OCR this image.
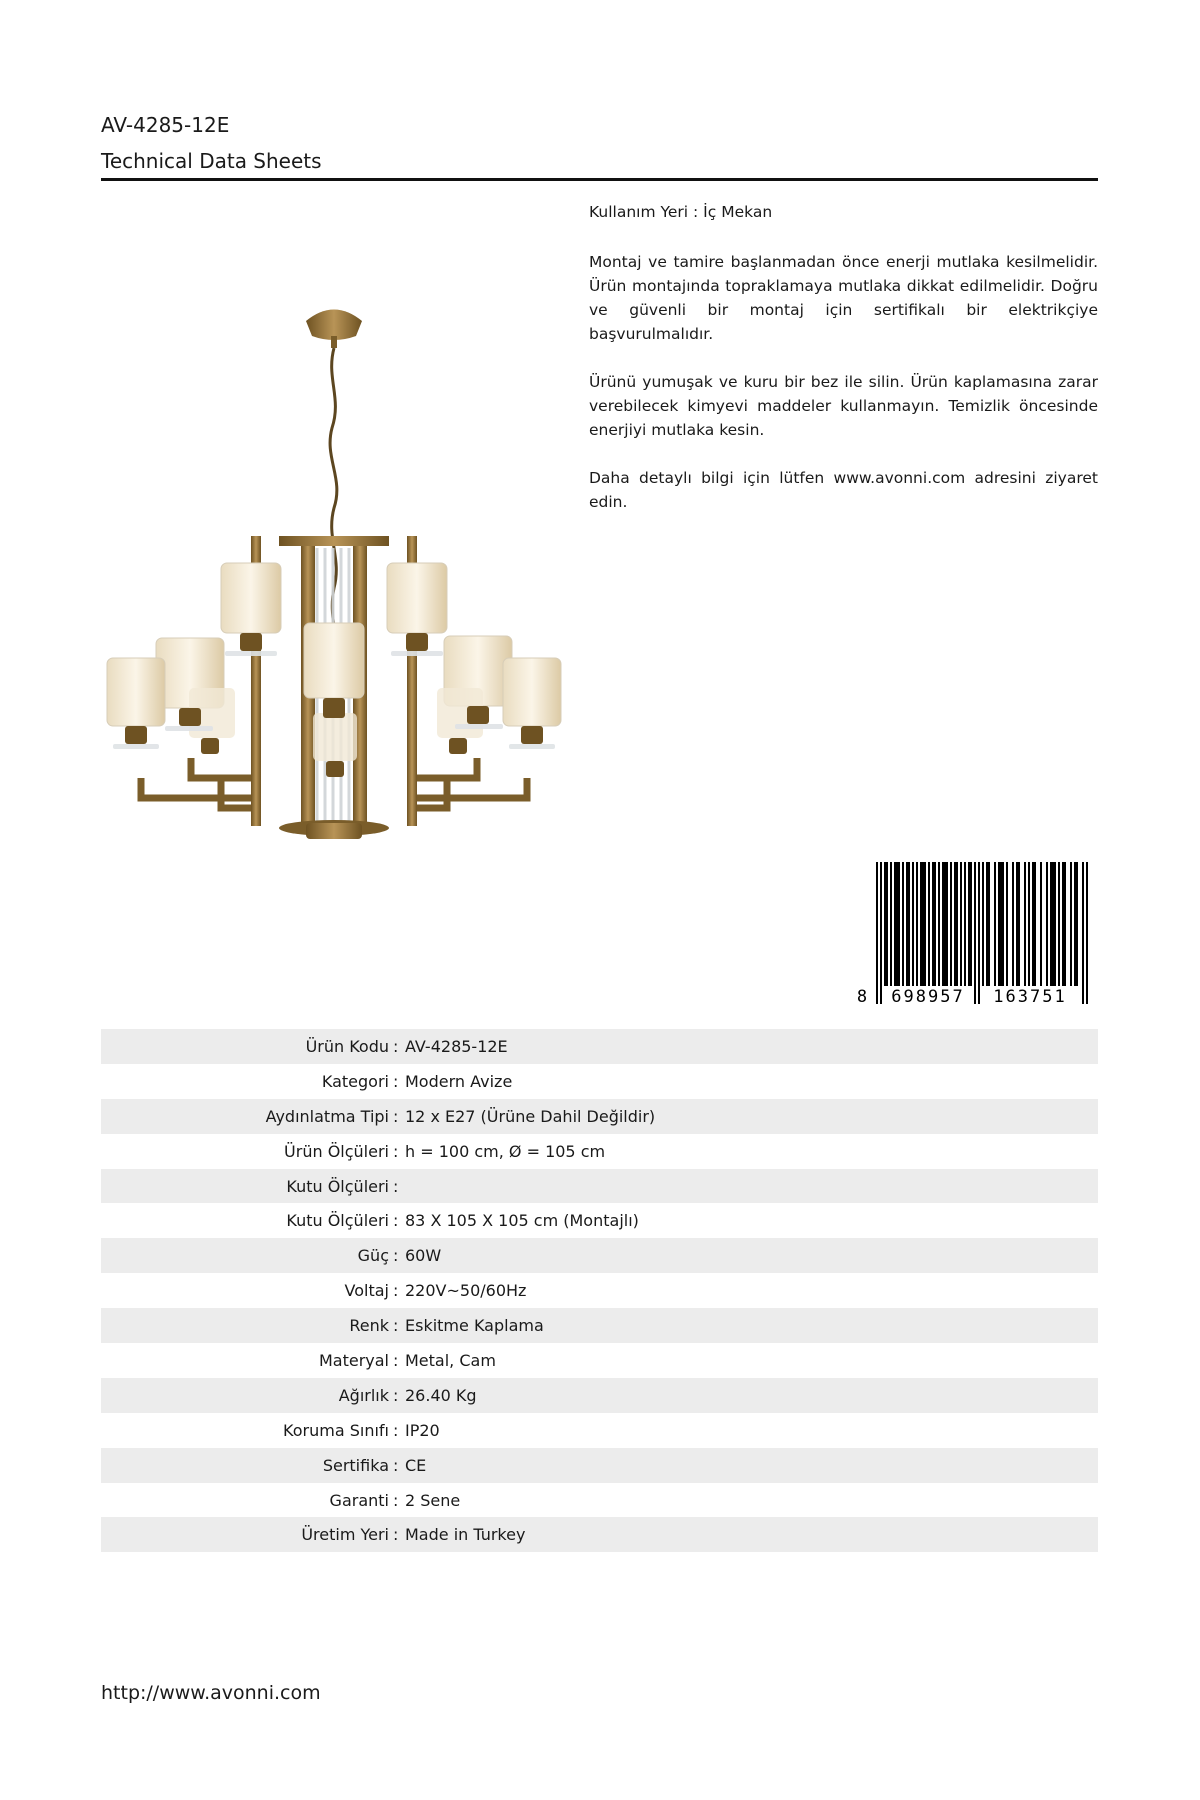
AV-4285-12E
Technical Data Sheets

Kullanım Yeri : İç Mekan

Montaj ve tamire başlanmadan önce enerji mutlaka kesilmelidir. Ürün montajında topraklamaya mutlaka dikkat edilmelidir. Doğru ve güvenli bir montaj için sertifikalı bir elektrikçiye başvurulmalıdır.

Ürünü yumuşak ve kuru bir bez ile silin. Ürün kaplamasına zarar verebilecek kimyevi maddeler kullanmayın. Temizlik öncesinde enerjiyi mutlaka kesin.

Daha detaylı bilgi için lütfen www.avonni.com adresini ziyaret edin.

8 698957 163751
Ürün Kodu : AV-4285-12E
Kategori : Modern Avize
Aydınlatma Tipi : 12 x E27 (Ürüne Dahil Değildir)
Ürün Ölçüleri : h = 100 cm, Ø = 105 cm
Kutu Ölçüleri :
Kutu Ölçüleri : 83 X 105 X 105 cm (Montajlı)
Güç : 60W
Voltaj : 220V~50/60Hz
Renk : Eskitme Kaplama
Materyal : Metal, Cam
Ağırlık : 26.40 Kg
Koruma Sınıfı : IP20
Sertifika : CE
Garanti : 2 Sene
Üretim Yeri : Made in Turkey
http://www.avonni.com
